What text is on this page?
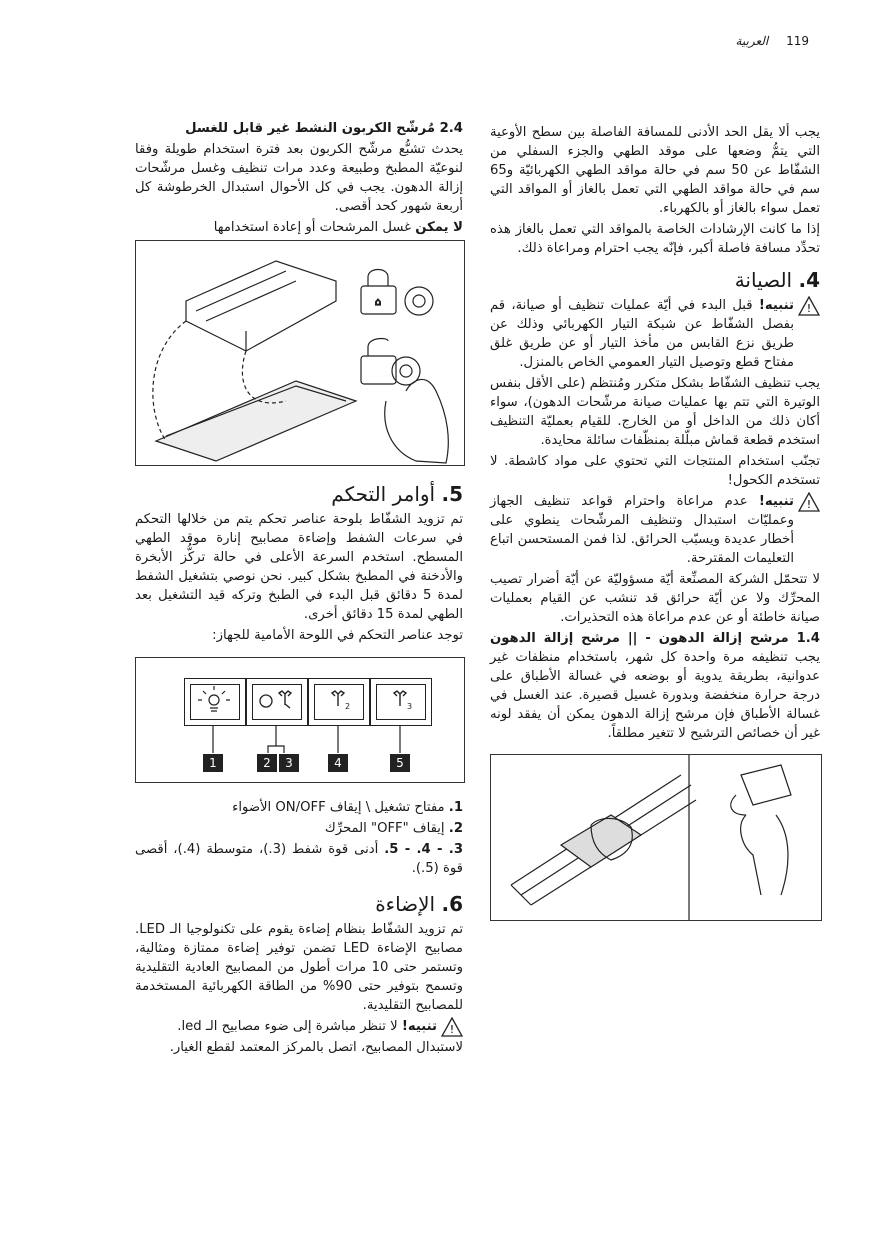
119 العربية

يجب ألا يقل الحد الأدنى للمسافة الفاصلة بين سطح الأوعية التي يتمُّ وضعها على موقد الطهي والجزء السفلي من الشفّاط عن 50 سم في حالة مواقد الطهي الكهربائيّة و65 سم في حالة مواقد الطهي التي تعمل بالغاز أو المواقد التي تعمل سواء بالغاز أو بالكهرباء.

إذا ما كانت الإرشادات الخاصة بالمواقد التي تعمل بالغاز هذه تحدِّد مسافة فاصلة أكبر، فإنّه يجب احترام ومراعاة ذلك.

4. الصيانة
!

تنبيه! قبل البدء في أيّة عمليات تنظيف أو صيانة، قم بفصل الشفّاط عن شبكة التيار الكهربائي وذلك عن طريق نزع القابس من مأخذ التيار أو عن طريق غلق مفتاح قطع وتوصيل التيار العمومي الخاص بالمنزل.

يجب تنظيف الشفّاط بشكل متكرر ومُنتظم (على الأقل بنفس الوتيرة التي تتم بها عمليات صيانة مرشّحات الدهون)، سواء أكان ذلك من الداخل أو من الخارج. للقيام بعمليّة التنظيف استخدم قطعة قماش مبلّلة بمنظّفات سائلة محايدة.

تجنّب استخدام المنتجات التي تحتوي على مواد كاشطة. لا تستخدم الكحول!

!

تنبيه! عدم مراعاة واحترام قواعد تنظيف الجهاز وعمليّات استبدال وتنظيف المرشّحات ينطوي على أخطار عديدة ويسبّب الحرائق. لذا فمن المستحسن اتباع التعليمات المقترحة.

لا تتحمّل الشركة المصنِّعة أيّة مسؤوليّة عن أيّة أضرار تصيب المحرِّك ولا عن أيّة حرائق قد تنشب عن القيام بعمليات صيانة خاطئة أو عن عدم مراعاة هذه التحذيرات.

1.4 مرشح إزالة الدهون - || مرشح إزالة الدهون يجب تنظيفه مرة واحدة كل شهر، باستخدام منظفات غير عدوانية، بطريقة يدوية أو بوضعه في غسالة الأطباق على درجة حرارة منخفضة وبدورة غسيل قصيرة. عند الغسل في غسالة الأطباق فإن مرشح إزالة الدهون يمكن أن يفقد لونه غير أن خصائص الترشيح لا تتغير مطلقاً.

2.4 مُرشّح الكربون النشط غير قابل للغسل

يحدث تشبُّع مرشّح الكربون بعد فترة استخدام طويلة وفقا لنوعيّة المطبخ وطبيعة وعدد مرات تنظيف وغسل مرشّحات إزالة الدهون. يجب في كل الأحوال استبدال الخرطوشة كل أربعة شهور كحد أقصى.

لا يمكن غسل المرشحات أو إعادة استخدامها

⌂
5. أوامر التحكم

تم تزويد الشفّاط بلوحة عناصر تحكم يتم من خلالها التحكم في سرعات الشفط وإضاءة مصابيح إنارة موقد الطهي المسطح. استخدم السرعة الأعلى في حالة تركُّز الأبخرة والأدخنة في المطبخ بشكل كبير. نحن نوصي بتشغيل الشفط لمدة 5 دقائق قبل البدء في الطبخ وتركه قيد التشغيل بعد الطهي لمدة 15 دقائق أخرى.

توجد عناصر التحكم في اللوحة الأمامية للجهاز:

2	3
1	2	3	4	5
1. مفتاح تشغيل \ إيقاف ON/OFF الأضواء
2. إيقاف "OFF" المحرِّك
3. - 4. - 5. أدنى قوة شفط (3.)، متوسطة (4.)، أقصى قوة (5.).
6. الإضاءة

تم تزويد الشفّاط بنظام إضاءة يقوم على تكنولوجيا الـ LED. مصابيح الإضاءة LED تضمن توفير إضاءة ممتازة ومثالية، وتستمر حتى 10 مرات أطول من المصابيح العادية التقليدية وتسمح بتوفير حتى 90% من الطاقة الكهربائية المستخدمة للمصابيح التقليدية.

!

تنبيه! لا تنظر مباشرة إلى ضوء مصابيح الـ led.

لاستبدال المصابيح، اتصل بالمركز المعتمد لقطع الغيار.
